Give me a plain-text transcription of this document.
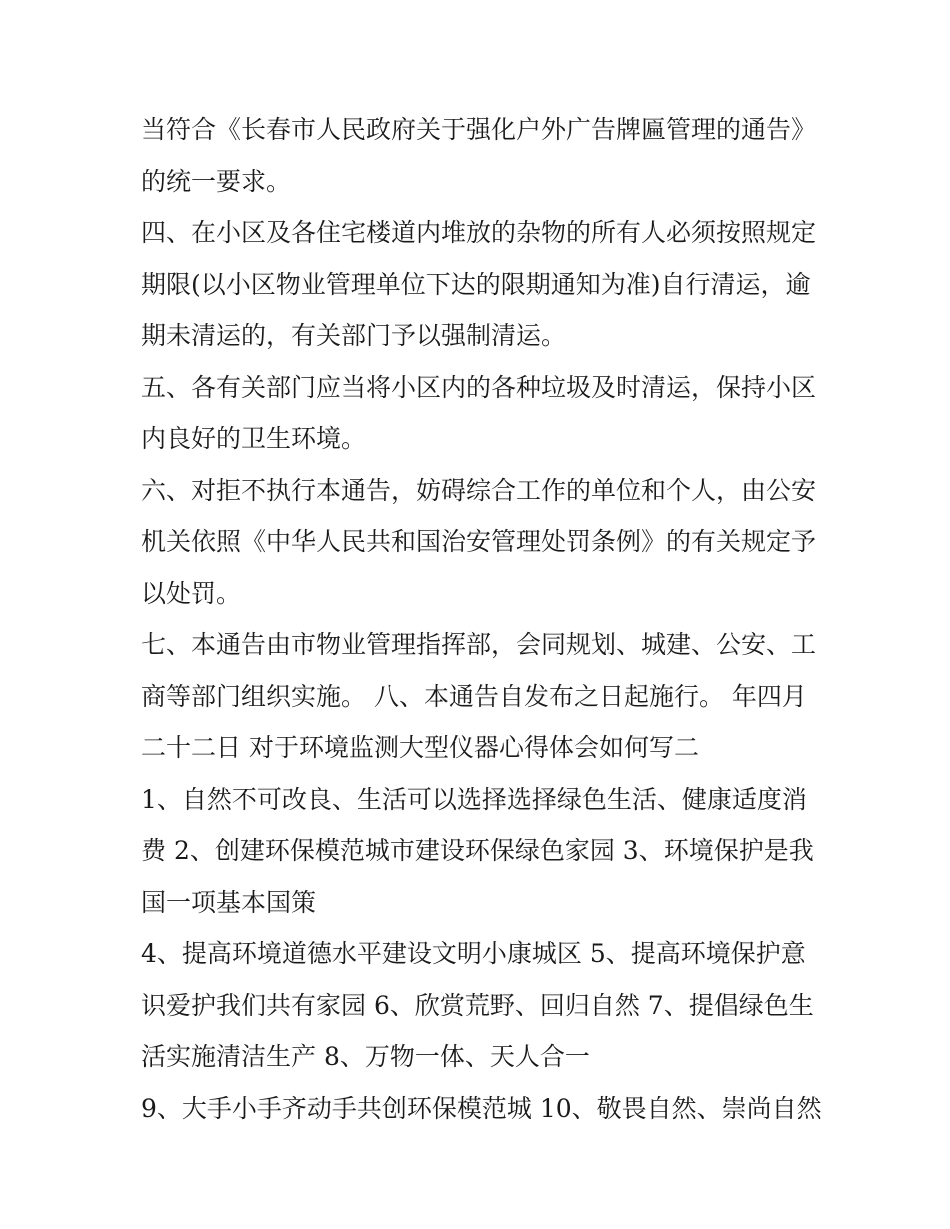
当符合《长春市人民政府关于强化户外广告牌匾管理的通告》
的统一要求。
四、在小区及各住宅楼道内堆放的杂物的所有人必须按照规定
期限(以小区物业管理单位下达的限期通知为准)自行清运，逾
期未清运的，有关部门予以强制清运。
五、各有关部门应当将小区内的各种垃圾及时清运，保持小区
内良好的卫生环境。
六、对拒不执行本通告，妨碍综合工作的单位和个人，由公安
机关依照《中华人民共和国治安管理处罚条例》的有关规定予
以处罚。
七、本通告由市物业管理指挥部，会同规划、城建、公安、工
商等部门组织实施。 八、本通告自发布之日起施行。 年四月
二十二日 对于环境监测大型仪器心得体会如何写二
1、自然不可改良、生活可以选择选择绿色生活、健康适度消
费 2、创建环保模范城市建设环保绿色家园 3、环境保护是我
国一项基本国策
4、提高环境道德水平建设文明小康城区 5、提高环境保护意
识爱护我们共有家园 6、欣赏荒野、回归自然 7、提倡绿色生
活实施清洁生产 8、万物一体、天人合一
9、大手小手齐动手共创环保模范城 10、敬畏自然、崇尚自然
